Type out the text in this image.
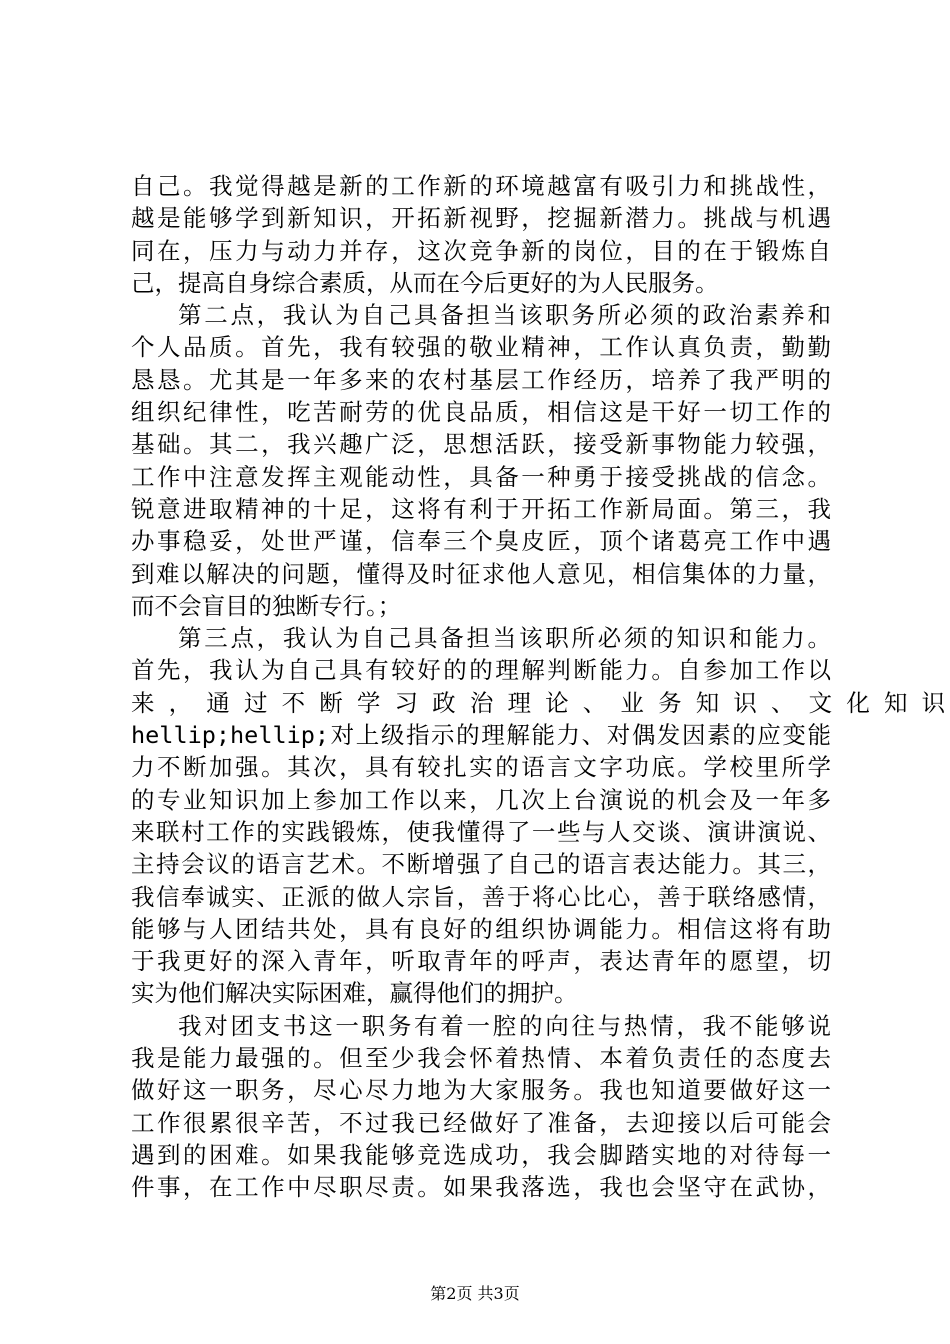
自己。我觉得越是新的工作新的环境越富有吸引力和挑战性，
越是能够学到新知识，开拓新视野，挖掘新潜力。挑战与机遇
同在，压力与动力并存，这次竞争新的岗位，目的在于锻炼自
己，提高自身综合素质，从而在今后更好的为人民服务。
第二点，我认为自己具备担当该职务所必须的政治素养和
个人品质。首先，我有较强的敬业精神，工作认真负责，勤勤
恳恳。尤其是一年多来的农村基层工作经历，培养了我严明的
组织纪律性，吃苦耐劳的优良品质，相信这是干好一切工作的
基础。其二，我兴趣广泛，思想活跃，接受新事物能力较强，
工作中注意发挥主观能动性，具备一种勇于接受挑战的信念。
锐意进取精神的十足，这将有利于开拓工作新局面。第三，我
办事稳妥，处世严谨，信奉三个臭皮匠，顶个诸葛亮工作中遇
到难以解决的问题，懂得及时征求他人意见，相信集体的力量，
而不会盲目的独断专行。；
第三点，我认为自己具备担当该职所必须的知识和能力。
首先，我认为自己具有较好的的理解判断能力。自参加工作以
来 ， 通 过 不 断 学 习 政 治 理 论 、 业 务 知 识 、 文 化 知 识
hellip;hellip;对上级指示的理解能力、对偶发因素的应变能
力不断加强。其次，具有较扎实的语言文字功底。学校里所学
的专业知识加上参加工作以来，几次上台演说的机会及一年多
来联村工作的实践锻炼，使我懂得了一些与人交谈、演讲演说、
主持会议的语言艺术。不断增强了自己的语言表达能力。其三，
我信奉诚实、正派的做人宗旨，善于将心比心，善于联络感情，
能够与人团结共处，具有良好的组织协调能力。相信这将有助
于我更好的深入青年，听取青年的呼声，表达青年的愿望，切
实为他们解决实际困难，赢得他们的拥护。
我对团支书这一职务有着一腔的向往与热情，我不能够说
我是能力最强的。但至少我会怀着热情、本着负责任的态度去
做好这一职务，尽心尽力地为大家服务。我也知道要做好这一
工作很累很辛苦，不过我已经做好了准备，去迎接以后可能会
遇到的困难。如果我能够竞选成功，我会脚踏实地的对待每一
件事，在工作中尽职尽责。如果我落选，我也会坚守在武协，
第2页 共3页
